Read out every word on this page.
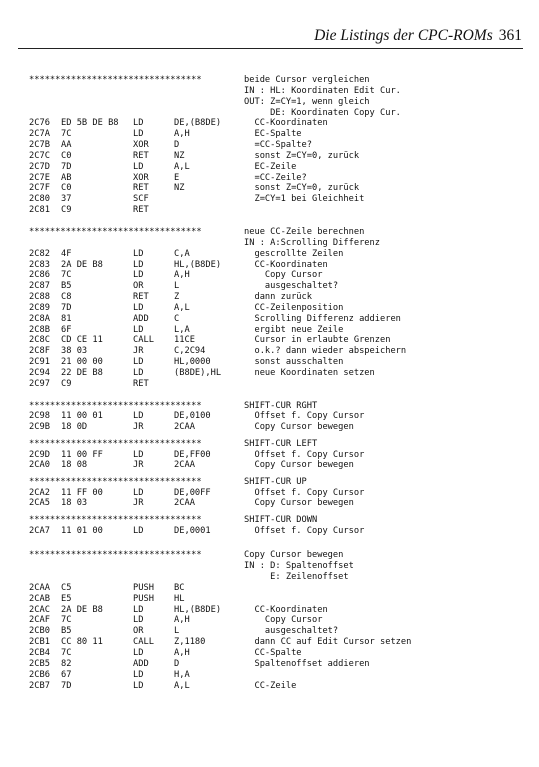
Die Listings der CPC-ROMs 361
*********************************	beide Cursor vergleichen
IN : HL: Koordinaten Edit Cur.
OUT: Z=CY=1, wenn gleich
DE: Koordinaten Copy Cur.
2C76 ED 5B DE B8 LD	DE,(B8DE)	CC-Koordinaten
2C7A 7C	LD	A,H	EC-Spalte
2C7B AA	XOR	D	=CC-Spalte?
2C7C C0	RET	NZ	sonst Z=CY=0, zurück
2C7D 7D	LD	A,L	EC-Zeile
2C7E AB	XOR	E	=CC-Zeile?
2C7F C0	RET	NZ	sonst Z=CY=0, zurück
2C80 37	SCF	Z=CY=1 bei Gleichheit
2C81 C9	RET
*********************************	neue CC-Zeile berechnen
IN : A:Scrolling Differenz
2C82 4F	LD	C,A	gescrollte Zeilen
2C83 2A DE B8	LD	HL,(B8DE)	CC-Koordinaten
2C86 7C	LD	A,H	Copy Cursor
2C87 B5	OR	L	ausgeschaltet?
2C88 C8	RET	Z	dann zurück
2C89 7D	LD	A,L	CC-Zeilenposition
2C8A 81	ADD	C	Scrolling Differenz addieren
2C8B 6F	LD	L,A	ergibt neue Zeile
2C8C CD CE 11	CALL 11CE	Cursor in erlaubte Grenzen
2C8F 38 03	JR	C,2C94	o.k.? dann wieder abspeichern
2C91 21 00 00	LD	HL,0000	sonst ausschalten
2C94 22 DE B8	LD	(B8DE),HL	neue Koordinaten setzen
2C97 C9	RET
*********************************	SHIFT-CUR RGHT
2C98 11 00 01	LD	DE,0100	Offset f. Copy Cursor
2C9B 18 0D	JR	2CAA	Copy Cursor bewegen
*********************************	SHIFT-CUR LEFT
2C9D 11 00 FF	LD	DE,FF00	Offset f. Copy Cursor
2CA0 18 08	JR	2CAA	Copy Cursor bewegen
*********************************	SHIFT-CUR UP
2CA2 11 FF 00	LD	DE,00FF	Offset f. Copy Cursor
2CA5 18 03	JR	2CAA	Copy Cursor bewegen
*********************************	SHIFT-CUR DOWN
2CA7 11 01 00	LD	DE,0001	Offset f. Copy Cursor
*********************************	Copy Cursor bewegen
IN : D: Spaltenoffset
E: Zeilenoffset
2CAA C5	PUSH BC
2CAB E5	PUSH HL
2CAC 2A DE B8	LD	HL,(B8DE)	CC-Koordinaten
2CAF 7C	LD	A,H	Copy Cursor
2CB0 B5	OR	L	ausgeschaltet?
2CB1 CC 80 11	CALL Z,1180	dann CC auf Edit Cursor setzen
2CB4 7C	LD	A,H	CC-Spalte
2CB5 82	ADD	D	Spaltenoffset addieren
2CB6 67	LD	H,A
2CB7 7D	LD	A,L	CC-Zeile
